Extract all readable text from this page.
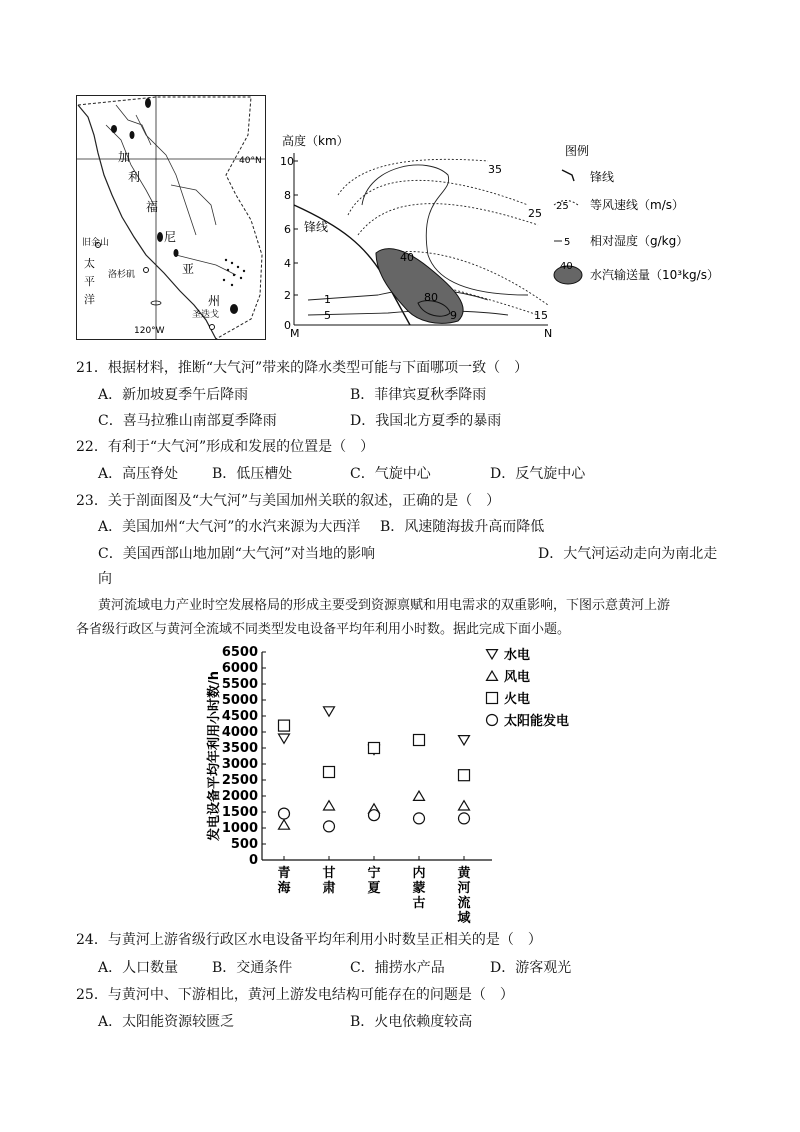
40°N
120°W
旧金山
洛杉矶
圣迭戈
太
平
洋
加
利
福
尼
亚
州
高度（km）
10
8
6
4
2
0
M	N
锋线
35
25
40
1
5
80
9	15
图例
锋线
25 等风速线（m/s）
5 相对湿度（g/kg）
40
水汽输送量（10³kg/s）
21．根据材料，推断“大气河”带来的降水类型可能与下面哪项一致（　）
A．新加坡夏季午后降雨	B．菲律宾夏秋季降雨
C．喜马拉雅山南部夏季降雨	D．我国北方夏季的暴雨
22．有利于“大气河”形成和发展的位置是（　）
A．高压脊处 B．低压槽处	C．气旋中心	D．反气旋中心
23．关于剖面图及“大气河”与美国加州关联的叙述，正确的是（　）
A．美国加州“大气河”的水汽来源为大西洋 B．风速随海拔升高而降低
C．美国西部山地加剧“大气河”对当地的影响	D．大气河运动走向为南北走
向
黄河流域电力产业时空发展格局的形成主要受到资源禀赋和用电需求的双重影响，下图示意黄河上游
各省级行政区与黄河全流域不同类型发电设备平均年利用小时数。据此完成下面小题。
发电设备平均年利用小时数/h
0
500
1000
1500
2000
2500
3000
3500
4000
4500
5000
5500
6000
6500
青
海
甘
肃
宁
夏
内
蒙
古
黄
河
流
域
水电
风电
火电
太阳能发电
24．与黄河上游省级行政区水电设备平均年利用小时数呈正相关的是（　）
A．人口数量 B．交通条件	C．捕捞水产品	D．游客观光
25．与黄河中、下游相比，黄河上游发电结构可能存在的问题是（　）
A．太阳能资源较匮乏	B．火电依赖度较高
